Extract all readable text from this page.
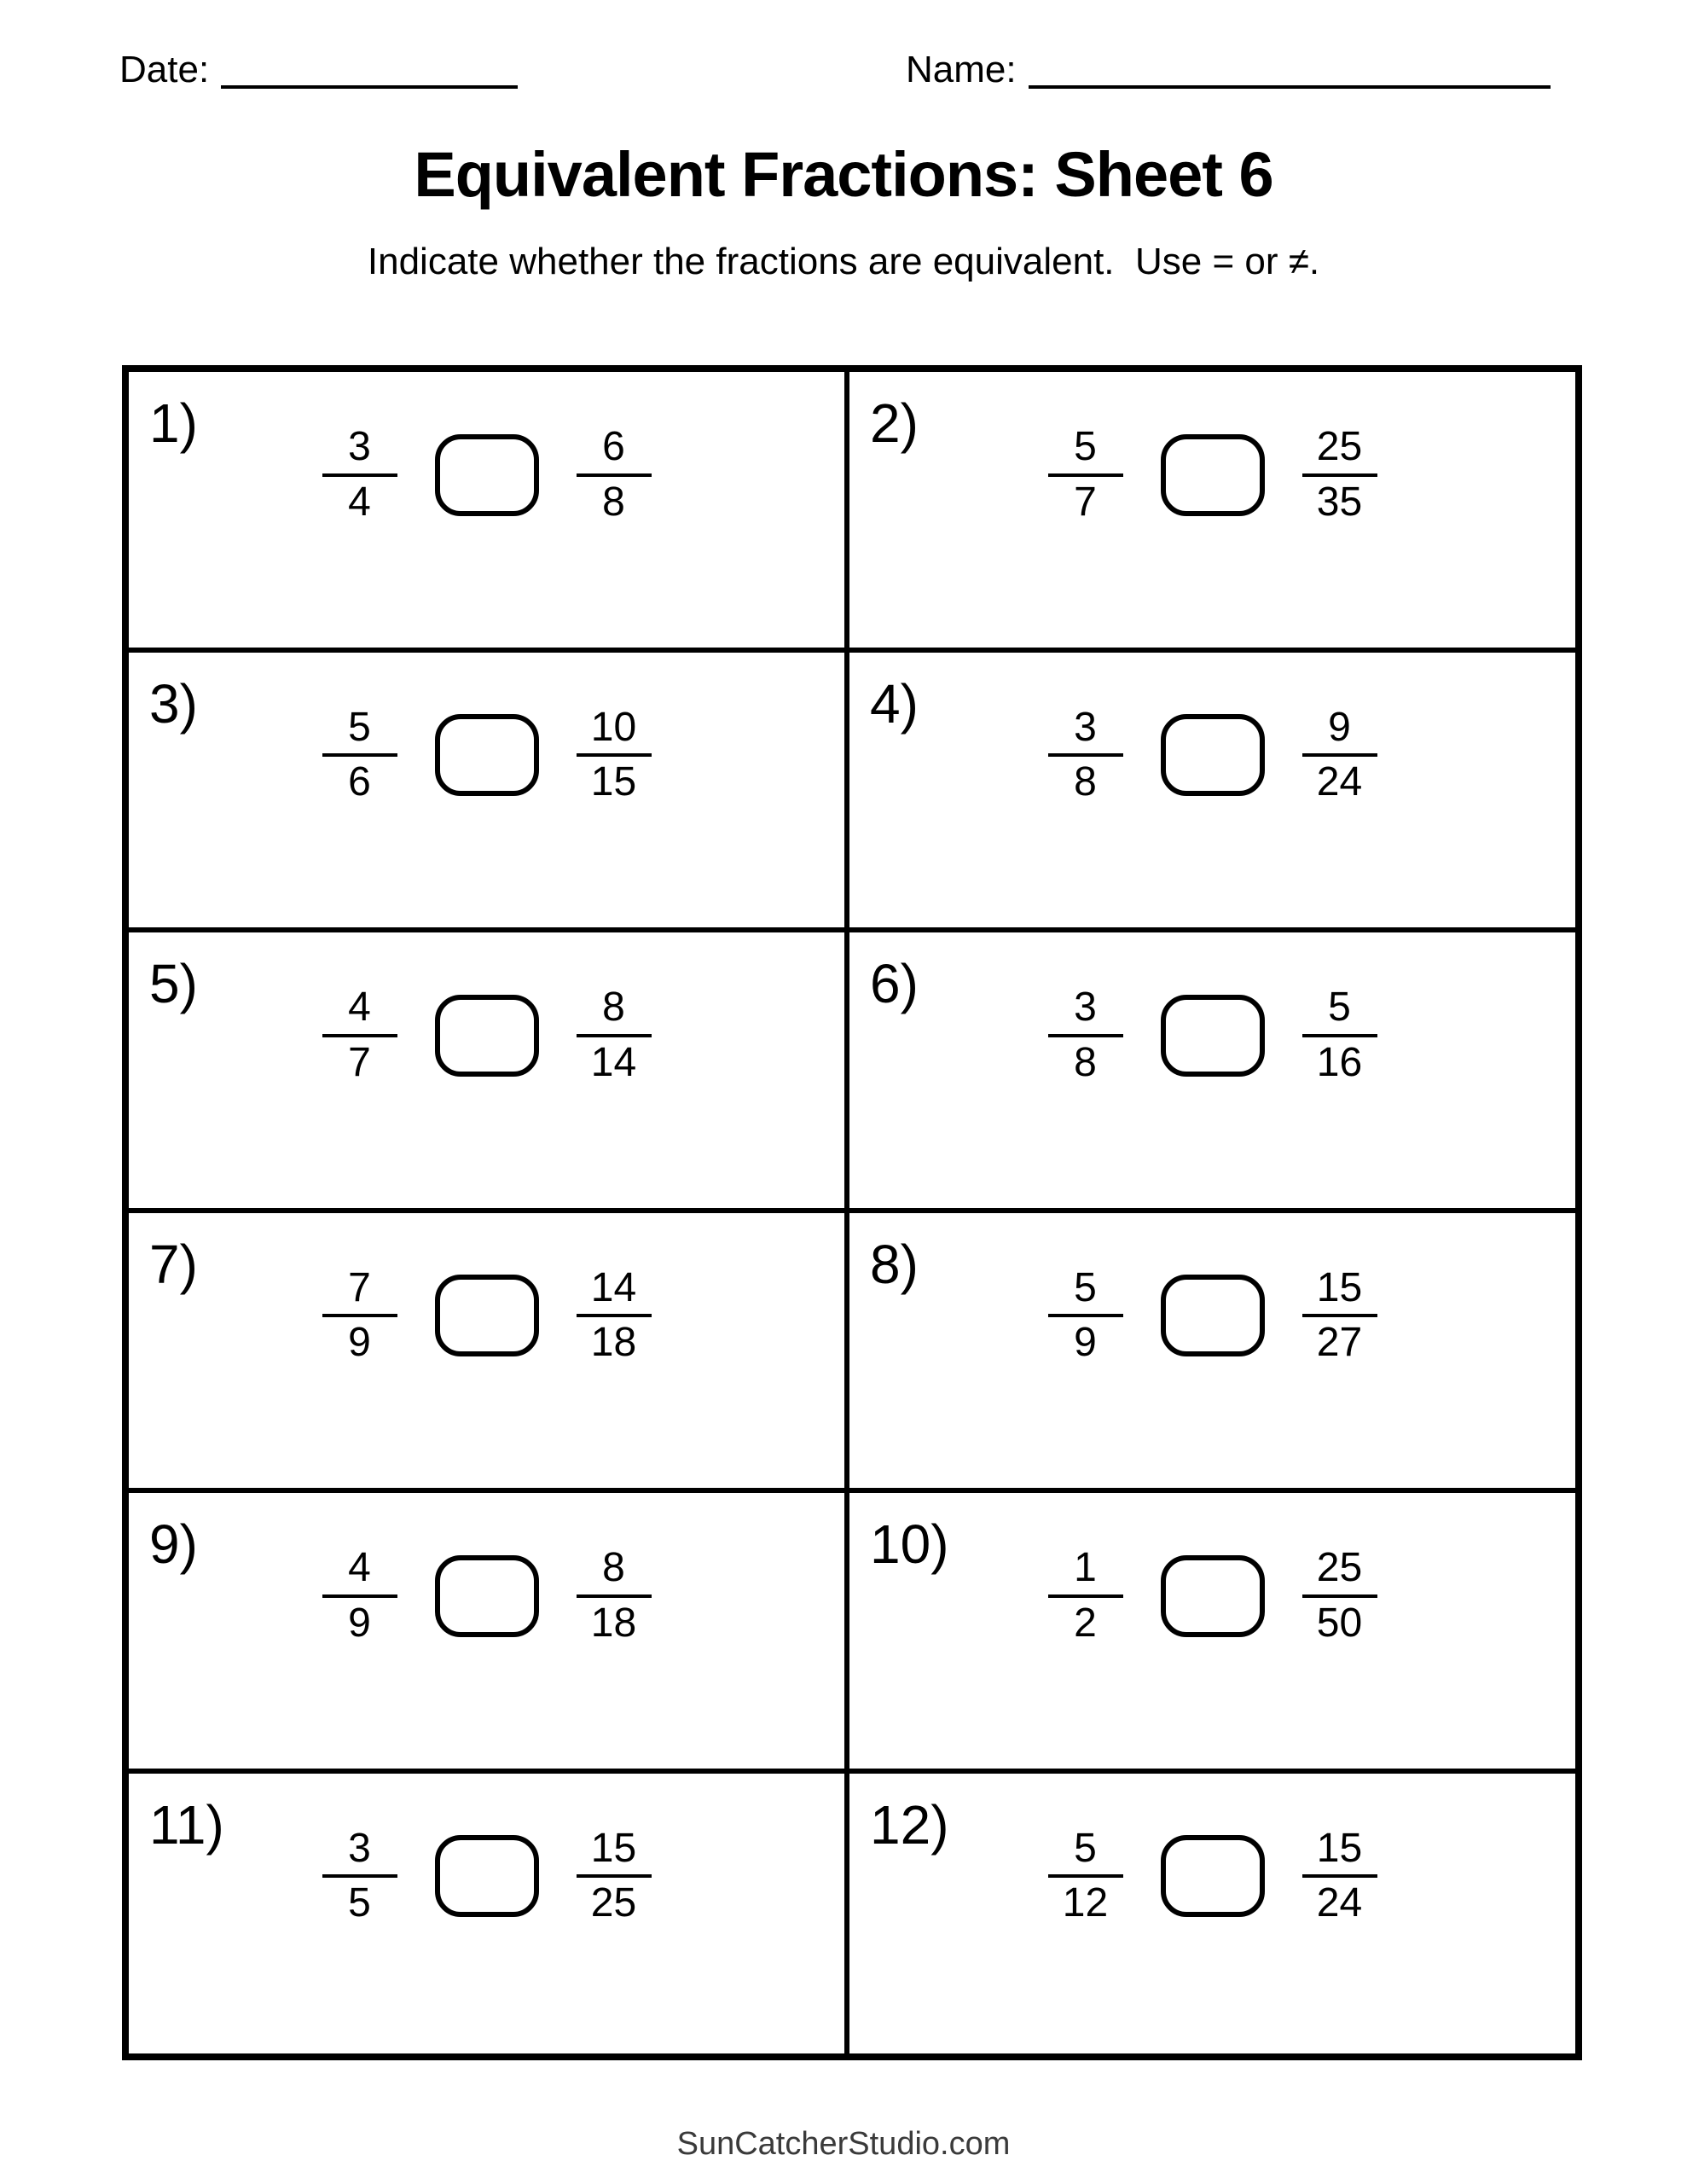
Date:	Name:
Equivalent Fractions: Sheet 6
Indicate whether the fractions are equivalent.  Use = or ≠.
1)
$\frac{3}{4}$	$\frac{6}{8}$
2)
$\frac{5}{7}$	$\frac{25}{35}$
3)
$\frac{5}{6}$	$\frac{10}{15}$
4)
$\frac{3}{8}$	$\frac{9}{24}$
5)
$\frac{4}{7}$	$\frac{8}{14}$
6)
$\frac{3}{8}$	$\frac{5}{16}$
7)
$\frac{7}{9}$	$\frac{14}{18}$
8)
$\frac{5}{9}$	$\frac{15}{27}$
9)
$\frac{4}{9}$	$\frac{8}{18}$
10)
$\frac{1}{2}$	$\frac{25}{50}$
11)
$\frac{3}{5}$	$\frac{15}{25}$
12)
$\frac{5}{12}$	$\frac{15}{24}$
SunCatcherStudio.com
